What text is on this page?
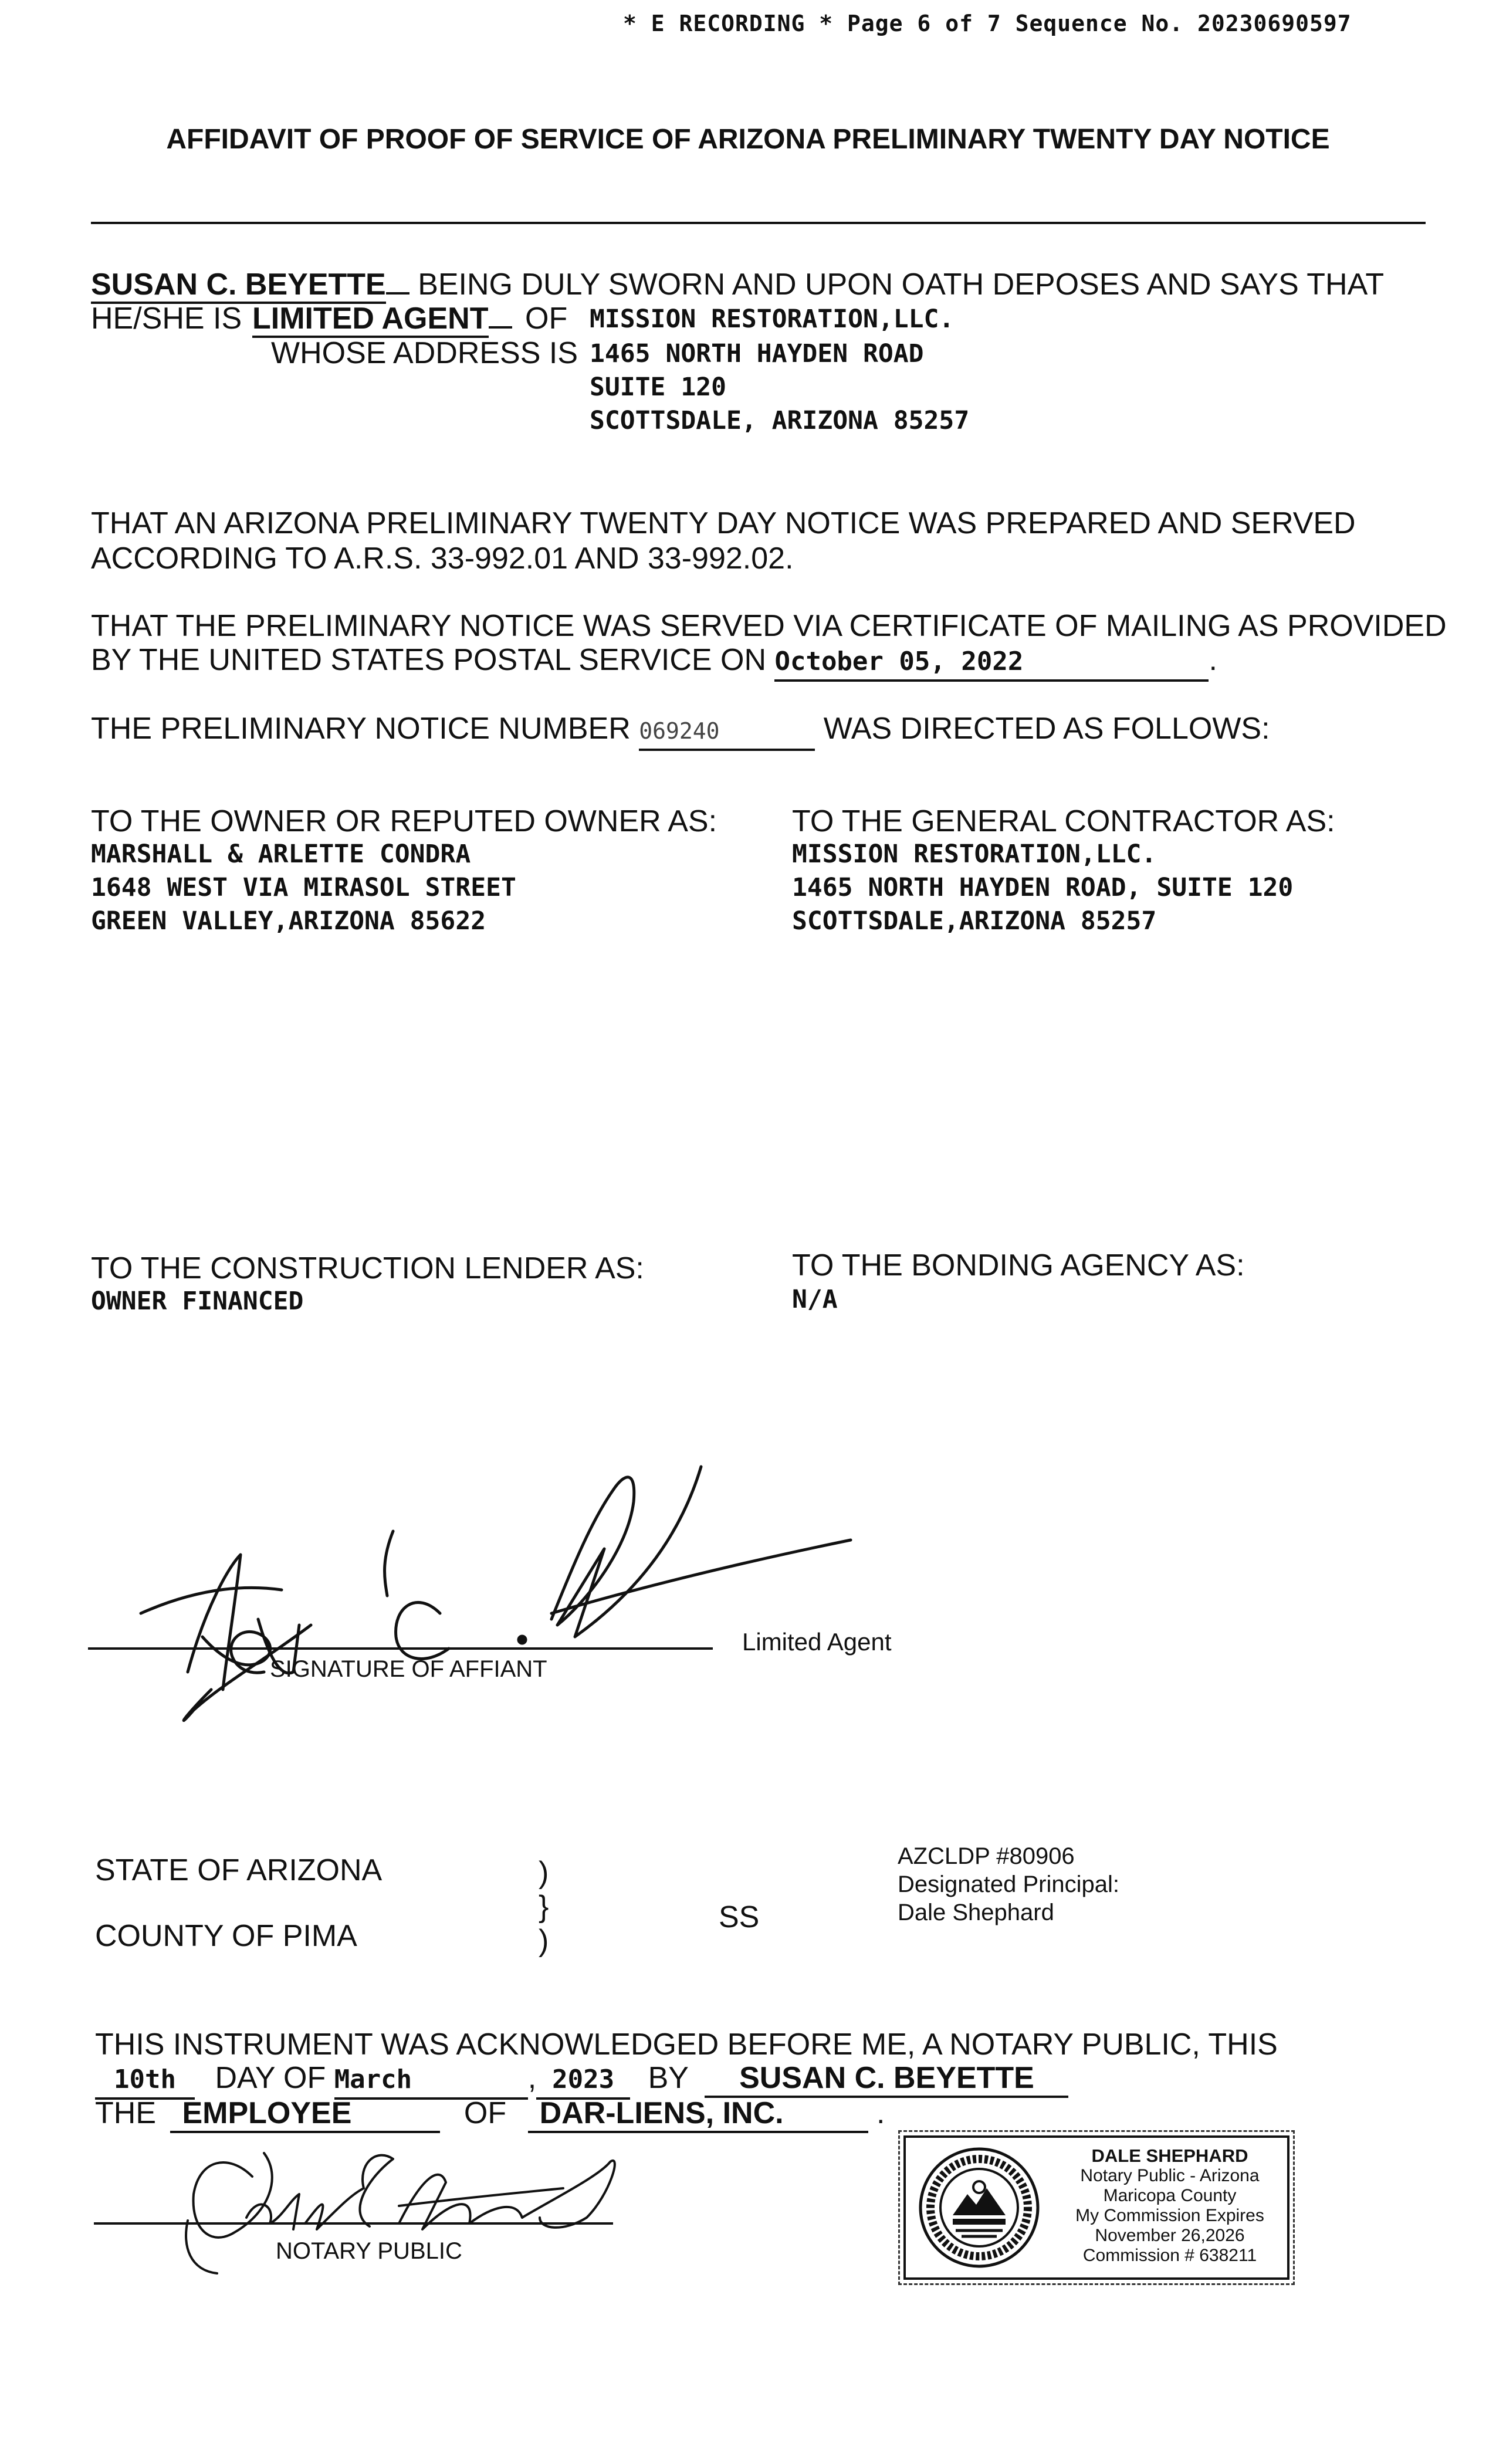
* E RECORDING * Page 6 of 7 Sequence No. 20230690597
AFFIDAVIT OF PROOF OF SERVICE OF ARIZONA PRELIMINARY TWENTY DAY NOTICE
SUSAN C. BEYETTE BEING DULY SWORN AND UPON OATH DEPOSES AND SAYS THAT
HE/SHE IS LIMITED AGENT	OF MISSION RESTORATION,LLC.
WHOSE ADDRESS IS 1465 NORTH HAYDEN ROAD
SUITE 120
SCOTTSDALE, ARIZONA 85257
THAT AN ARIZONA PRELIMINARY TWENTY DAY NOTICE WAS PREPARED AND SERVED
ACCORDING TO A.R.S. 33-992.01 AND 33-992.02.
THAT THE PRELIMINARY NOTICE WAS SERVED VIA CERTIFICATE OF MAILING AS PROVIDED
BY THE UNITED STATES POSTAL SERVICE ON October 05, 2022	.
THE PRELIMINARY NOTICE NUMBER 069240	WAS DIRECTED AS FOLLOWS:
TO THE OWNER OR REPUTED OWNER AS:
MARSHALL & ARLETTE CONDRA
1648 WEST VIA MIRASOL STREET
GREEN VALLEY,ARIZONA 85622
TO THE GENERAL CONTRACTOR AS:
MISSION RESTORATION,LLC.
1465 NORTH HAYDEN ROAD, SUITE 120
SCOTTSDALE,ARIZONA 85257
TO THE CONSTRUCTION LENDER AS:
OWNER FINANCED
TO THE BONDING AGENCY AS:
N/A
SIGNATURE OF AFFIANT
Limited Agent
STATE OF ARIZONA
COUNTY OF PIMA
)
}
)
SS
AZCLDP #80906
Designated Principal:
Dale Shephard
THIS INSTRUMENT WAS ACKNOWLEDGED BEFORE ME, A NOTARY PUBLIC, THIS
10th DAY OF March	, 2023 BY SUSAN C. BEYETTE
THE EMPLOYEE	OF DAR-LIENS, INC.	.
NOTARY PUBLIC
DALE SHEPHARD
Notary Public - Arizona
Maricopa County
My Commission Expires
November 26,2026
Commission # 638211
